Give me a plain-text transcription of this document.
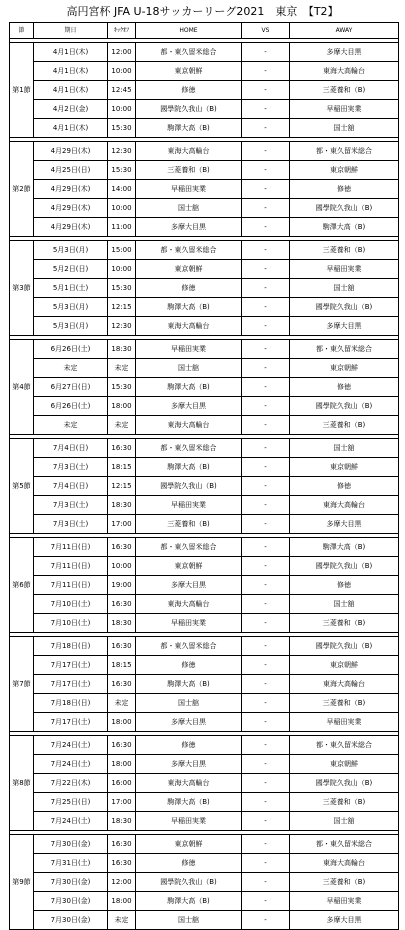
高円宮杯 JFA U-18サッカーリーグ2021　東京　【T2】
節	期日	ｷｯｸｵﾌ	HOME	VS	AWAY

第1節	4月1日(木)	12:00	都・東久留米総合	-	多摩大目黒
	4月1日(木)	10:00	東京朝鮮	-	東海大高輪台
	4月1日(木)	12:45	修徳	-	三菱養和（B)
	4月2日(金)	10:00	國學院久我山（B)	-	早稲田実業
	4月1日(木)	15:30	駒澤大高（B)	-	国士舘

第2節	4月29日(木)	12:30	東海大高輪台	-	都・東久留米総合
	4月25日(日)	15:30	三菱養和（B)	-	東京朝鮮
	4月29日(木)	14:00	早稲田実業	-	修徳
	4月29日(木)	10:00	国士舘	-	國學院久我山（B)
	4月29日(木)	11:00	多摩大目黒	-	駒澤大高（B)

第3節	5月3日(月)	15:00	都・東久留米総合	-	三菱養和（B)
	5月2日(日)	10:00	東京朝鮮	-	早稲田実業
	5月1日(土)	15:30	修徳	-	国士舘
	5月3日(月)	12:15	駒澤大高（B)	-	國學院久我山（B)
	5月3日(月)	12:30	東海大高輪台	-	多摩大目黒

第4節	6月26日(土)	18:30	早稲田実業	-	都・東久留米総合
	未定	未定	国士舘	-	東京朝鮮
	6月27日(日)	15:30	駒澤大高（B)	-	修徳
	6月26日(土)	18:00	多摩大目黒	-	國學院久我山（B)
	未定	未定	東海大高輪台	-	三菱養和（B)

第5節	7月4日(日)	16:30	都・東久留米総合	-	国士舘
	7月3日(土)	18:15	駒澤大高（B)	-	東京朝鮮
	7月4日(日)	12:15	國學院久我山（B)	-	修徳
	7月3日(土)	18:30	早稲田実業	-	東海大高輪台
	7月3日(土)	17:00	三菱養和（B)	-	多摩大目黒

第6節	7月11日(日)	16:30	都・東久留米総合	-	駒澤大高（B)
	7月11日(日)	10:00	東京朝鮮	-	國學院久我山（B)
	7月11日(日)	19:00	多摩大目黒	-	修徳
	7月10日(土)	16:30	東海大高輪台	-	国士舘
	7月10日(土)	18:30	早稲田実業	-	三菱養和（B)

第7節	7月18日(日)	16:30	都・東久留米総合	-	國學院久我山（B)
	7月17日(土)	18:15	修徳	-	東京朝鮮
	7月17日(土)	16:30	駒澤大高（B)	-	東海大高輪台
	7月18日(日)	未定	国士舘	-	三菱養和（B)
	7月17日(土)	18:00	多摩大目黒	-	早稲田実業

第8節	7月24日(土)	16:30	修徳	-	都・東久留米総合
	7月24日(土)	18:00	多摩大目黒	-	東京朝鮮
	7月22日(木)	16:00	東海大高輪台	-	國學院久我山（B)
	7月25日(日)	17:00	駒澤大高（B)	-	三菱養和（B)
	7月24日(土)	18:30	早稲田実業	-	国士舘

第9節	7月30日(金)	16:30	東京朝鮮	-	都・東久留米総合
	7月31日(土)	16:30	修徳	-	東海大高輪台
	7月30日(金)	12:00	國學院久我山（B)	-	三菱養和（B)
	7月30日(金)	18:00	駒澤大高（B)	-	早稲田実業
	7月30日(金)	未定	国士舘	-	多摩大目黒
